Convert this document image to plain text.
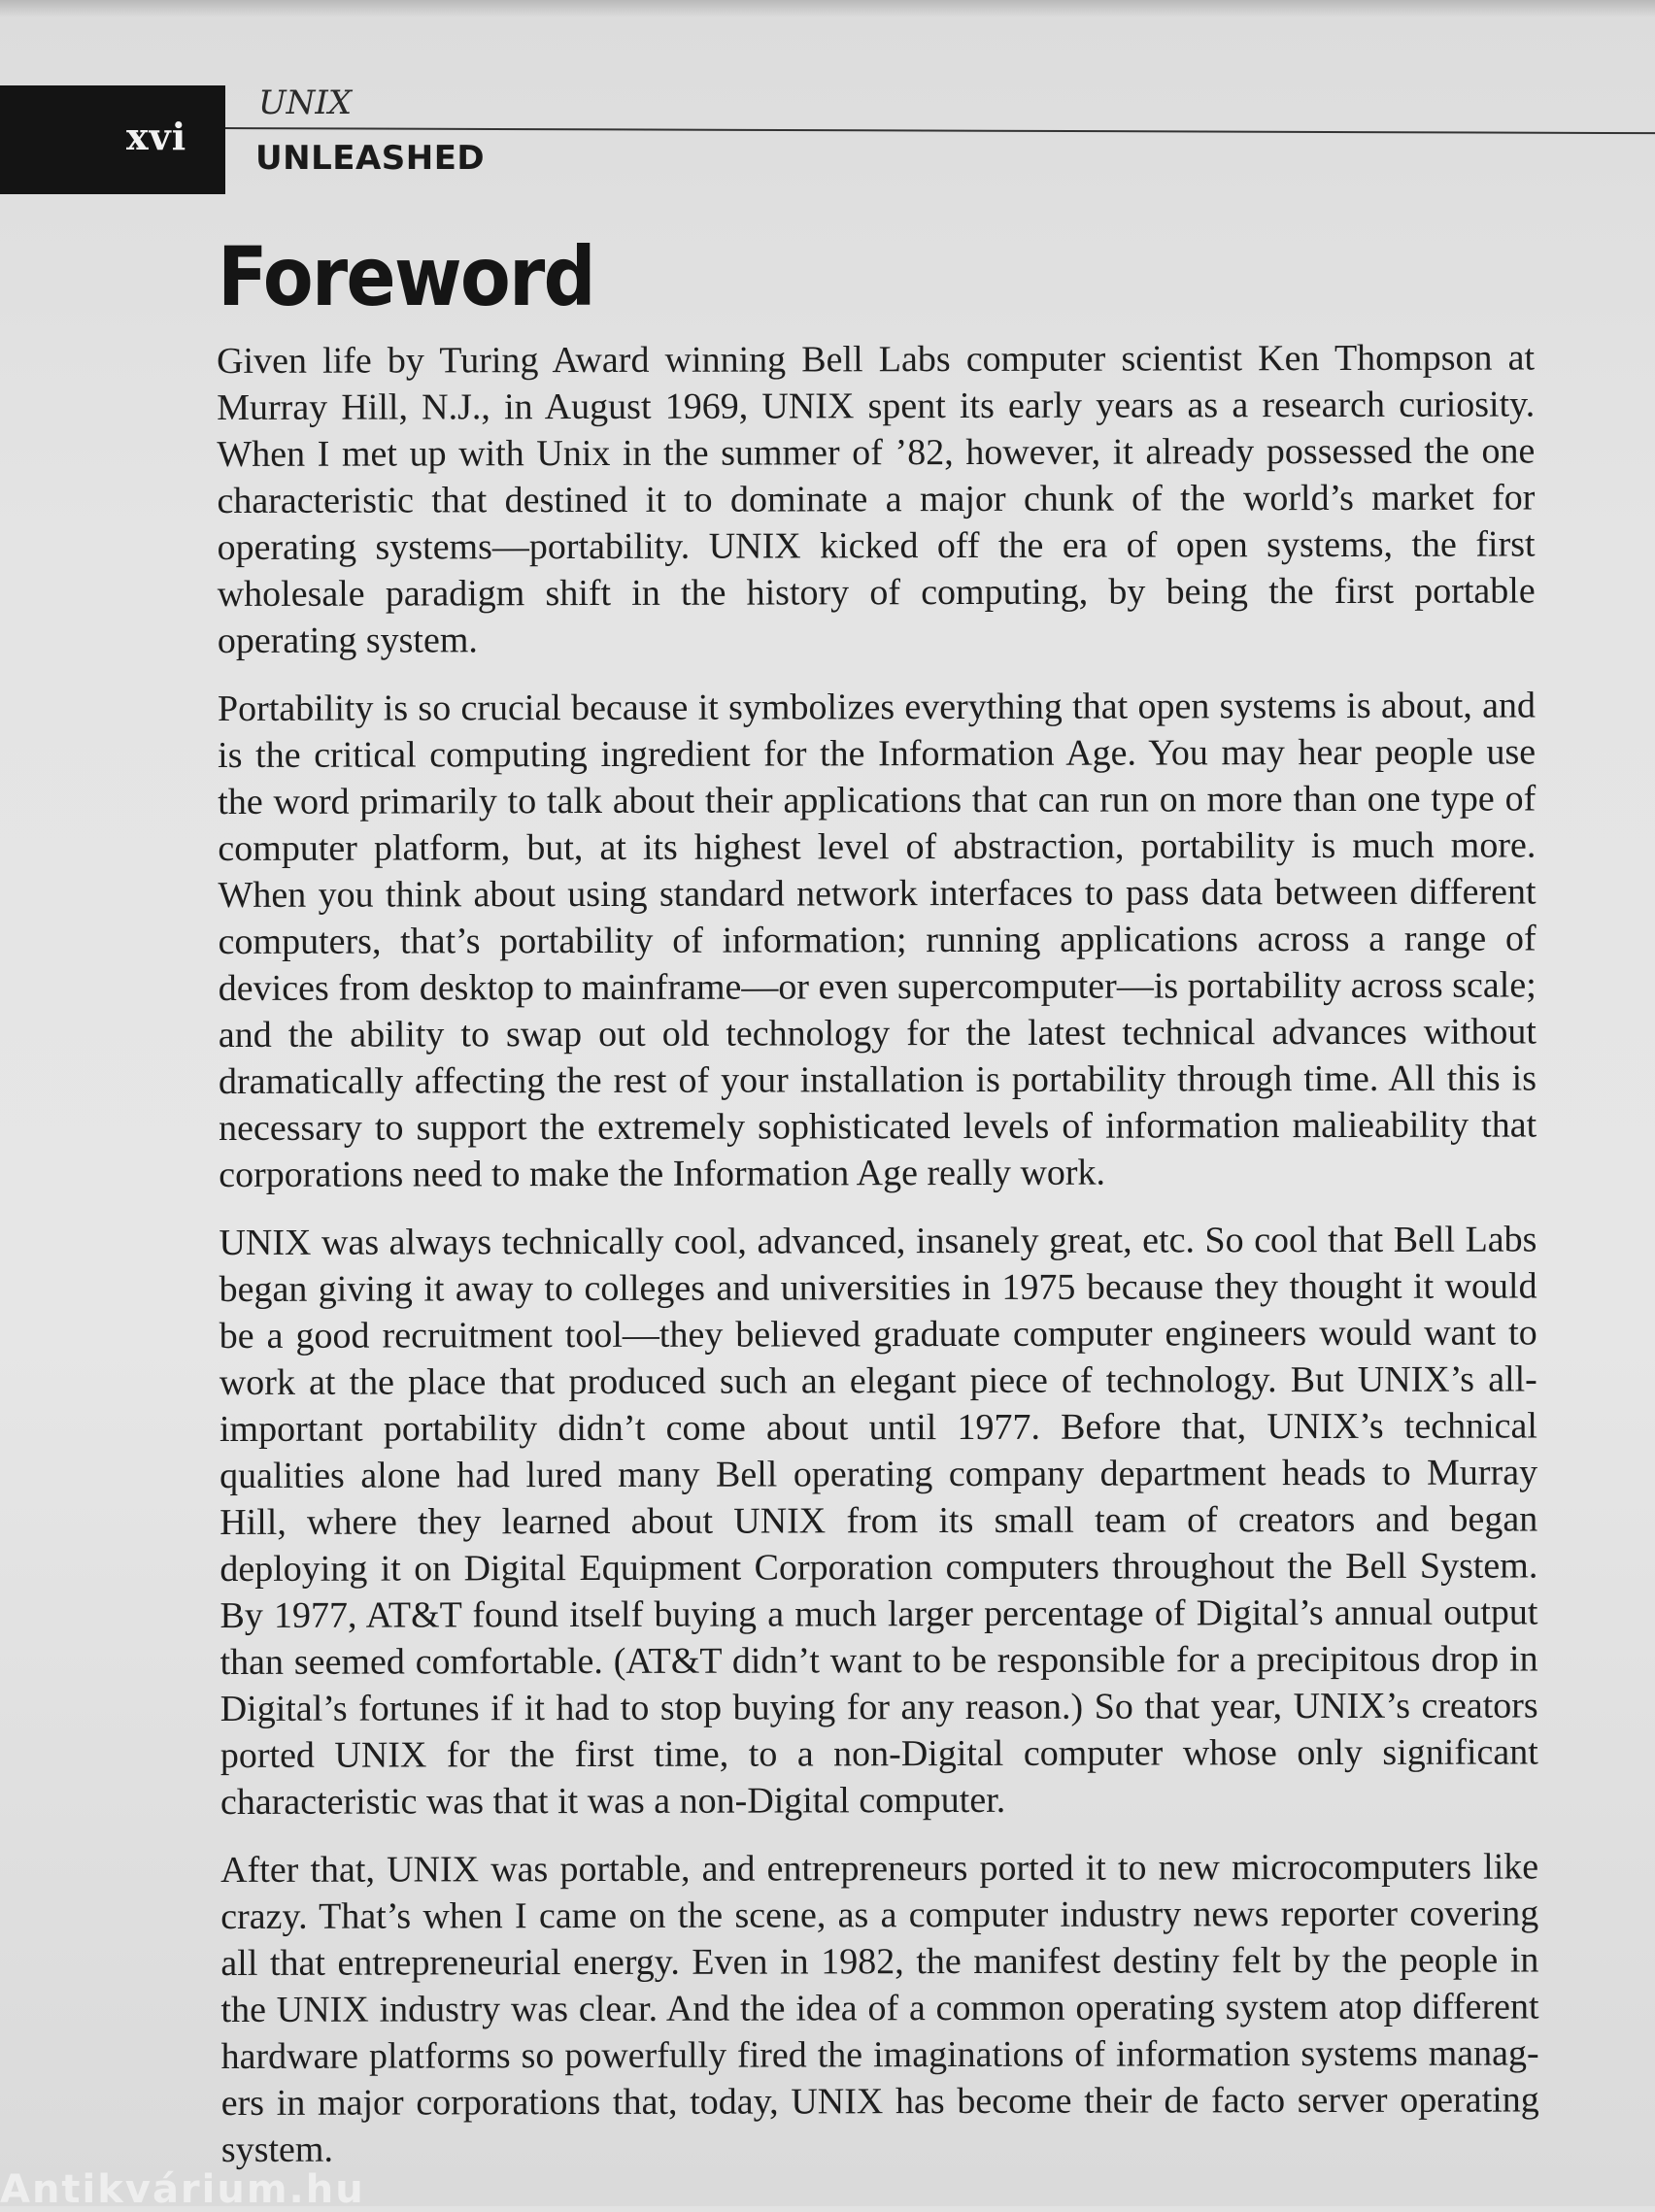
xvi
UNIX
UNLEASHED
Foreword

Given life by Turing Award winning Bell Labs computer scientist Ken Thompson at Murray Hill, N.J., in August 1969, UNIX spent its early years as a research curiosity. When I met up with Unix in the summer of ’82, however, it already possessed the one characteristic that destined it to dominate a major chunk of the world’s market for operating systems—portability. UNIX kicked off the era of open systems, the first wholesale paradigm shift in the history of computing, by being the first portable operating system.

Portability is so crucial because it symbolizes everything that open systems is about, and is the critical computing ingredient for the Information Age. You may hear people use the word primarily to talk about their applications that can run on more than one type of computer platform, but, at its highest level of abstraction, portability is much more. When you think about using standard network interfaces to pass data between different computers, that’s portability of information; running applications across a range of devices from desktop to mainframe—or even supercomputer—is portability across scale; and the ability to swap out old technology for the latest technical advances without dramatically affecting the rest of your installation is portability through time. All this is necessary to support the extremely sophisticated levels of information malieability that corporations need to make the Information Age really work.

UNIX was always technically cool, advanced, insanely great, etc. So cool that Bell Labs began giving it away to colleges and universities in 1975 because they thought it would be a good recruitment tool—they believed graduate computer engineers would want to work at the place that produced such an elegant piece of technology. But UNIX’s all-important portability didn’t come about until 1977. Before that, UNIX’s technical qualities alone had lured many Bell operating company department heads to Murray Hill, where they learned about UNIX from its small team of creators and began deploying it on Digital Equipment Corporation computers throughout the Bell System. By 1977, AT&T found itself buying a much larger percentage of Digital’s annual output than seemed comfortable. (AT&T didn’t want to be responsible for a precipitous drop in Digital’s fortunes if it had to stop buying for any reason.) So that year, UNIX’s creators ported UNIX for the first time, to a non-Digital computer whose only significant characteristic was that it was a non-Digital computer.

After that, UNIX was portable, and entrepreneurs ported it to new microcomputers like crazy. That’s when I came on the scene, as a computer industry news reporter covering all that entrepreneurial energy. Even in 1982, the manifest destiny felt by the people in the UNIX industry was clear. And the idea of a common operating system atop different hardware platforms so powerfully fired the imaginations of information systems managers in major corporations that, today, UNIX has become their de facto server operating system.

Antikvárium.hu
